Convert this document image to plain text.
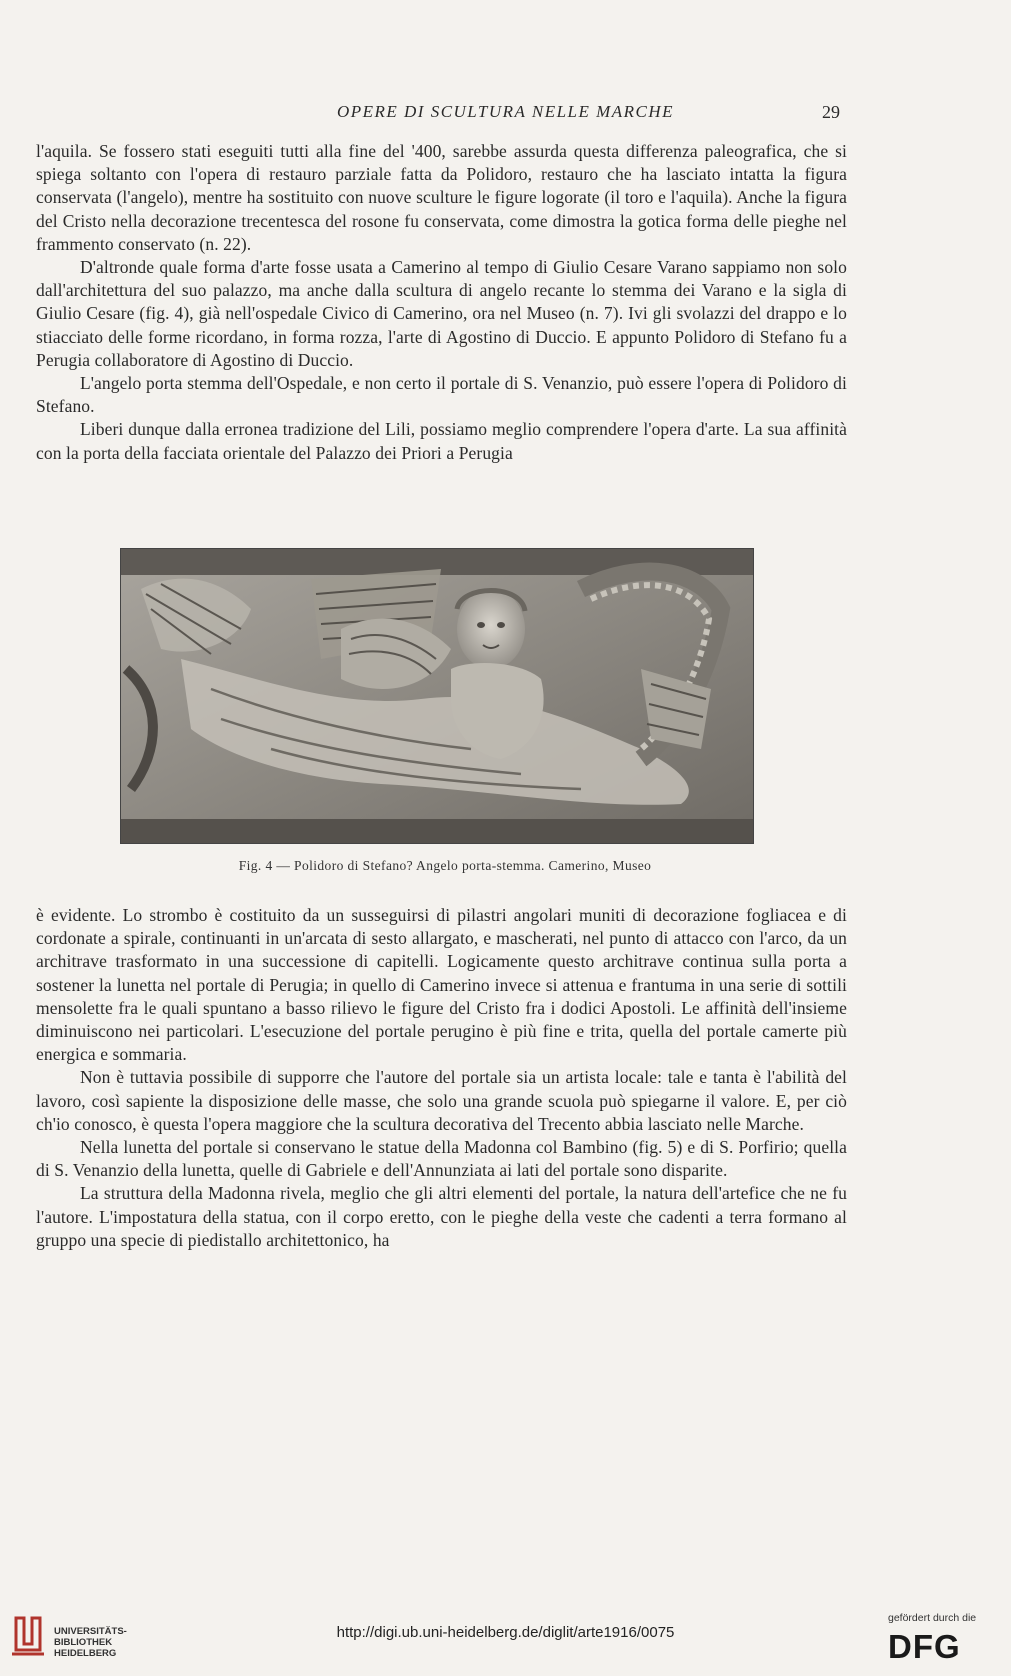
OPERE DI SCULTURA NELLE MARCHE	29

l'aquila. Se fossero stati eseguiti tutti alla fine del '400, sarebbe assurda questa differenza paleografica, che si spiega soltanto con l'opera di restauro parziale fatta da Polidoro, restauro che ha lasciato intatta la figura conservata (l'angelo), mentre ha sostituito con nuove sculture le figure logorate (il toro e l'aquila). Anche la figura del Cristo nella decorazione trecentesca del rosone fu conservata, come dimostra la gotica forma delle pieghe nel frammento conservato (n. 22).

D'altronde quale forma d'arte fosse usata a Camerino al tempo di Giulio Cesare Varano sappiamo non solo dall'architettura del suo palazzo, ma anche dalla scultura di angelo recante lo stemma dei Varano e la sigla di Giulio Cesare (fig. 4), già nell'ospedale Civico di Camerino, ora nel Museo (n. 7). Ivi gli svolazzi del drappo e lo stiacciato delle forme ricordano, in forma rozza, l'arte di Agostino di Duccio. E appunto Polidoro di Stefano fu a Perugia collaboratore di Agostino di Duccio.

L'angelo porta stemma dell'Ospedale, e non certo il portale di S. Venanzio, può essere l'opera di Polidoro di Stefano.

Liberi dunque dalla erronea tradizione del Lili, possiamo meglio comprendere l'opera d'arte. La sua affinità con la porta della facciata orientale del Palazzo dei Priori a Perugia

Fig. 4 — Polidoro di Stefano? Angelo porta-stemma. Camerino, Museo

è evidente. Lo strombo è costituito da un susseguirsi di pilastri angolari muniti di decorazione fogliacea e di cordonate a spirale, continuanti in un'arcata di sesto allargato, e mascherati, nel punto di attacco con l'arco, da un architrave trasformato in una successione di capitelli. Logicamente questo architrave continua sulla porta a sostener la lunetta nel portale di Perugia; in quello di Camerino invece si attenua e frantuma in una serie di sottili mensolette fra le quali spuntano a basso rilievo le figure del Cristo fra i dodici Apostoli. Le affinità dell'insieme diminuiscono nei particolari. L'esecuzione del portale perugino è più fine e trita, quella del portale camerte più energica e sommaria.

Non è tuttavia possibile di supporre che l'autore del portale sia un artista locale: tale e tanta è l'abilità del lavoro, così sapiente la disposizione delle masse, che solo una grande scuola può spiegarne il valore. E, per ciò ch'io conosco, è questa l'opera maggiore che la scultura decorativa del Trecento abbia lasciato nelle Marche.

Nella lunetta del portale si conservano le statue della Madonna col Bambino (fig. 5) e di S. Porfirio; quella di S. Venanzio della lunetta, quelle di Gabriele e dell'Annunziata ai lati del portale sono disparite.

La struttura della Madonna rivela, meglio che gli altri elementi del portale, la natura dell'artefice che ne fu l'autore. L'impostatura della statua, con il corpo eretto, con le pieghe della veste che cadenti a terra formano al gruppo una specie di piedistallo architettonico, ha

UNIVERSITÄTS-
BIBLIOTHEK
HEIDELBERG
http://digi.ub.uni-heidelberg.de/diglit/arte1916/0075
gefördert durch die
DFG
